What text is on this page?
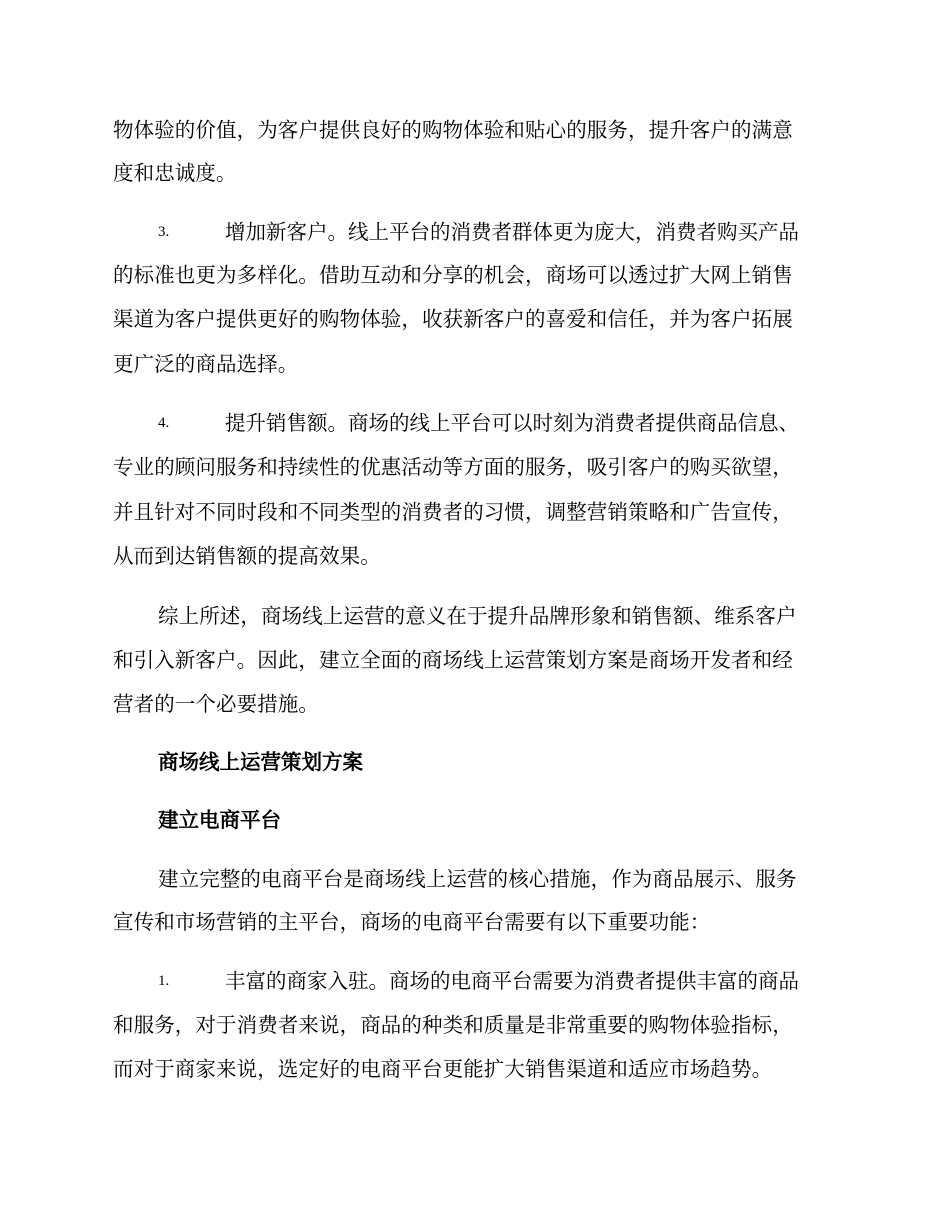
物体验的价值，为客户提供良好的购物体验和贴心的服务，提升客户的满意
度和忠诚度。
3.	增加新客户。线上平台的消费者群体更为庞大，消费者购买产品
的标准也更为多样化。借助互动和分享的机会，商场可以透过扩大网上销售
渠道为客户提供更好的购物体验，收获新客户的喜爱和信任，并为客户拓展
更广泛的商品选择。
4.	提升销售额。商场的线上平台可以时刻为消费者提供商品信息、
专业的顾问服务和持续性的优惠活动等方面的服务，吸引客户的购买欲望，
并且针对不同时段和不同类型的消费者的习惯，调整营销策略和广告宣传，
从而到达销售额的提高效果。
综上所述，商场线上运营的意义在于提升品牌形象和销售额、维系客户
和引入新客户。因此，建立全面的商场线上运营策划方案是商场开发者和经
营者的一个必要措施。
商场线上运营策划方案
建立电商平台
建立完整的电商平台是商场线上运营的核心措施，作为商品展示、服务
宣传和市场营销的主平台，商场的电商平台需要有以下重要功能：
1.	丰富的商家入驻。商场的电商平台需要为消费者提供丰富的商品
和服务，对于消费者来说，商品的种类和质量是非常重要的购物体验指标，
而对于商家来说，选定好的电商平台更能扩大销售渠道和适应市场趋势。
